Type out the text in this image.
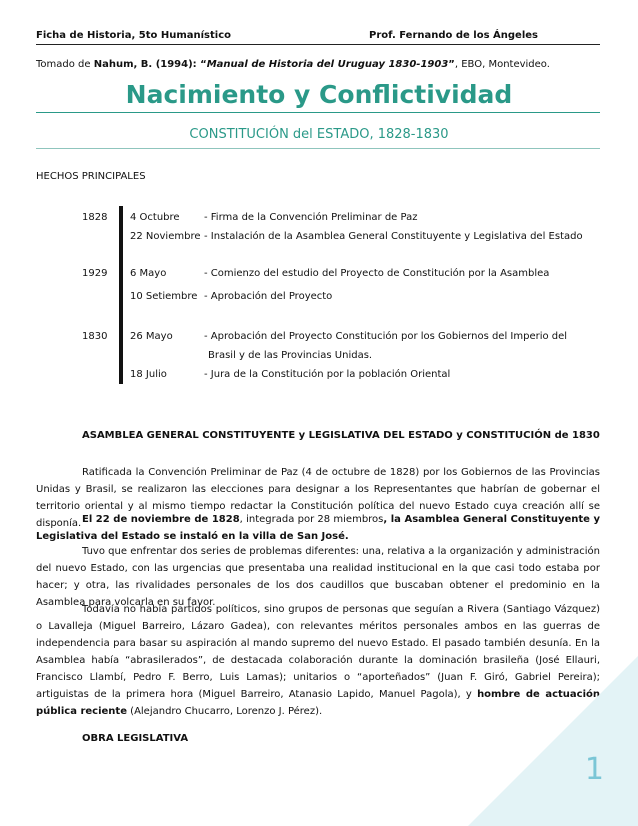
Ficha de Historia, 5to Humanístico	Prof. Fernando de los Ángeles
Tomado de Nahum, B. (1994): “Manual de Historia del Uruguay 1830-1903”, EBO, Montevideo.
Nacimiento y Conflictividad
CONSTITUCIÓN del ESTADO, 1828-1830
HECHOS PRINCIPALES
1828 4 Octubre - Firma de la Convención Preliminar de Paz
22 Noviembre - Instalación de la Asamblea General Constituyente y Legislativa del Estado
1929 6 Mayo	- Comienzo del estudio del Proyecto de Constitución por la Asamblea
10 Setiembre - Aprobación del Proyecto
1830 26 Mayo	- Aprobación del Proyecto Constitución por los Gobiernos del Imperio del
Brasil y de las Provincias Unidas.
18 Julio	- Jura de la Constitución por la población Oriental
ASAMBLEA GENERAL CONSTITUYENTE y LEGISLATIVA DEL ESTADO y CONSTITUCIÓN de 1830
Ratificada la Convención Preliminar de Paz (4 de octubre de 1828) por los Gobiernos de las Provincias Unidas y Brasil, se realizaron las elecciones para designar a los Representantes que habrían de gobernar el territorio oriental y al mismo tiempo redactar la Constitución política del nuevo Estado cuya creación allí se disponía. El 22 de noviembre de 1828, integrada por 28 miembros, la Asamblea General Constituyente y Legislativa del Estado se instaló en la villa de San José.
Tuvo que enfrentar dos series de problemas diferentes: una, relativa a la organización y administración del nuevo Estado, con las urgencias que presentaba una realidad institucional en la que casi todo estaba por hacer; y otra, las rivalidades personales de los dos caudillos que buscaban obtener el predominio en la Asamblea para volcarla en su favor.
Todavía no había partidos políticos, sino grupos de personas que seguían a Rivera (Santiago Vázquez) o Lavalleja (Miguel Barreiro, Lázaro Gadea), con relevantes méritos personales ambos en las guerras de independencia para basar su aspiración al mando supremo del nuevo Estado. El pasado también desunía. En la Asamblea había “abrasilerados”, de destacada colaboración durante la dominación brasileña (José Ellauri, Francisco Llambí, Pedro F. Berro, Luis Lamas); unitarios o “aporteñados” (Juan F. Giró, Gabriel Pereira); artiguistas de la primera hora (Miguel Barreiro, Atanasio Lapido, Manuel Pagola), y hombre de actuación pública reciente (Alejandro Chucarro, Lorenzo J. Pérez).
OBRA LEGISLATIVA
1
